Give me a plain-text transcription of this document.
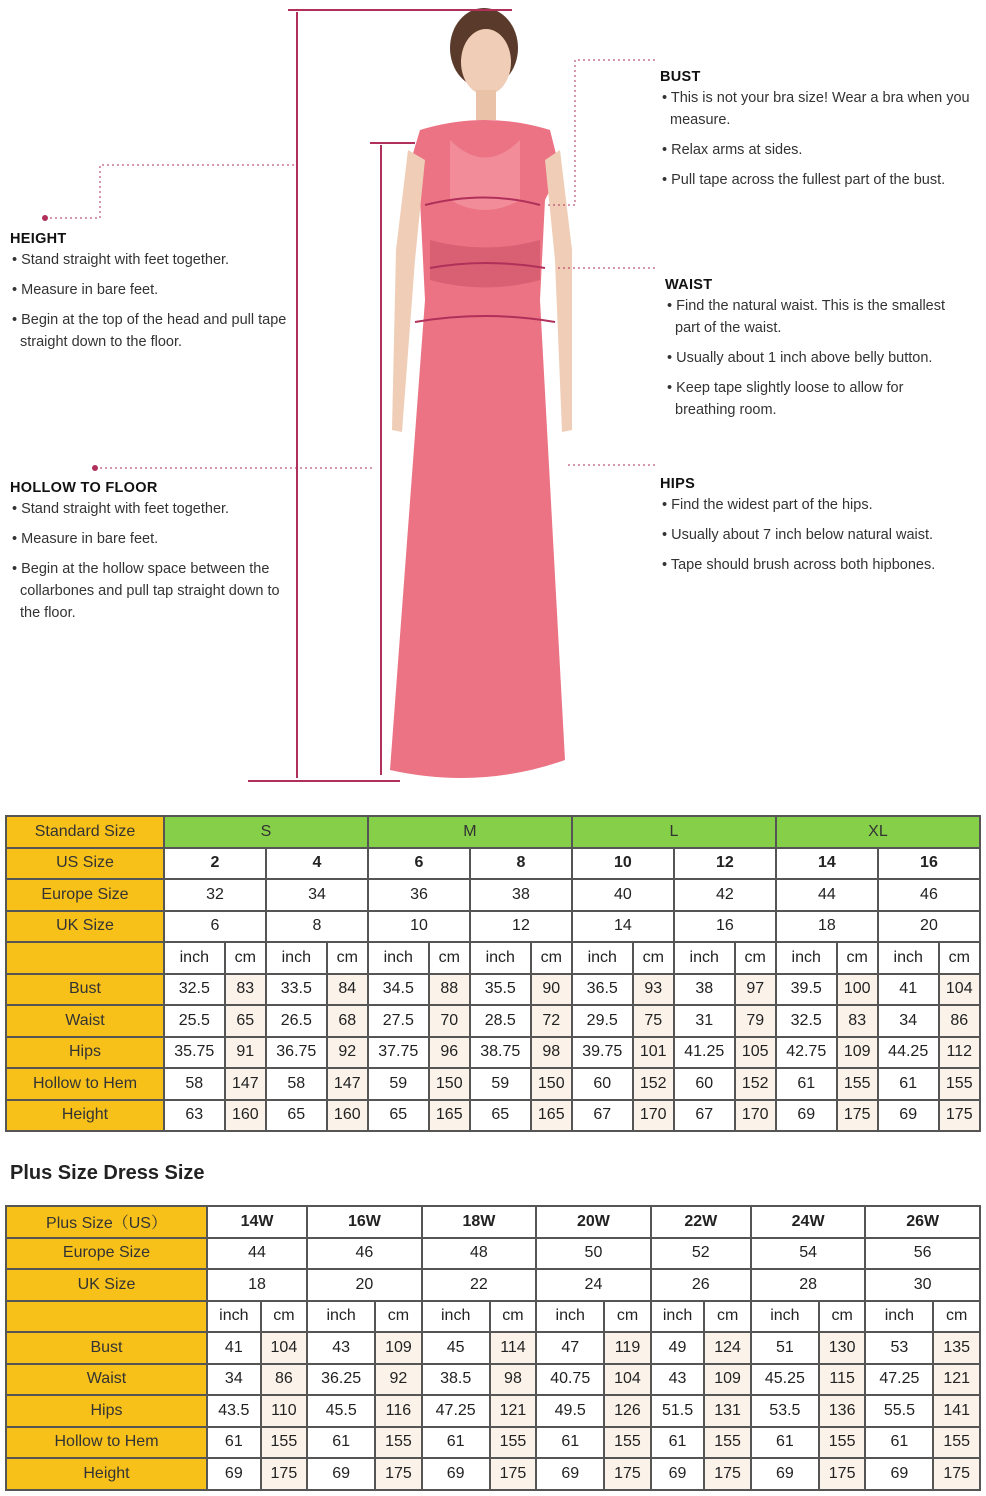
HEIGHT

• Stand straight with feet together.

• Measure in bare feet.

• Begin at the top of the head and pull tape straight down to the floor.

HOLLOW TO FLOOR

• Stand straight with feet together.

• Measure in bare feet.

• Begin at the hollow space between the collarbones and pull tap straight down to the floor.

BUST

• This is not your bra size! Wear a bra when you measure.

• Relax arms at sides.

• Pull tape across the fullest part of the bust.

WAIST

• Find the natural waist. This is the smallest part of the waist.

• Usually about 1 inch above belly button.

• Keep tape slightly loose to allow for breathing room.

HIPS

• Find the widest part of the hips.

• Usually about 7 inch below natural waist.

• Tape should brush across both hipbones.

Standard Size	S				M				L				XL			
US Size	2		4		6		8		10		12		14		16	
Europe Size	32		34		36		38		40		42		44		46	
UK Size	6		8		10		12		14		16		18		20	
	inch	cm	inch	cm	inch	cm	inch	cm	inch	cm	inch	cm	inch	cm	inch	cm
Bust	32.5	83	33.5	84	34.5	88	35.5	90	36.5	93	38	97	39.5	100	41	104
Waist	25.5	65	26.5	68	27.5	70	28.5	72	29.5	75	31	79	32.5	83	34	86
Hips	35.75	91	36.75	92	37.75	96	38.75	98	39.75	101	41.25	105	42.75	109	44.25	112
Hollow to Hem	58	147	58	147	59	150	59	150	60	152	60	152	61	155	61	155
Height	63	160	65	160	65	165	65	165	67	170	67	170	69	175	69	175
Plus Size Dress Size
Plus Size（US）	14W		16W		18W		20W		22W		24W		26W	
Europe Size	44		46		48		50		52		54		56	
UK Size	18		20		22		24		26		28		30	
	inch	cm	inch	cm	inch	cm	inch	cm	inch	cm	inch	cm	inch	cm
Bust	41	104	43	109	45	114	47	119	49	124	51	130	53	135
Waist	34	86	36.25	92	38.5	98	40.75	104	43	109	45.25	115	47.25	121
Hips	43.5	110	45.5	116	47.25	121	49.5	126	51.5	131	53.5	136	55.5	141
Hollow to Hem	61	155	61	155	61	155	61	155	61	155	61	155	61	155
Height	69	175	69	175	69	175	69	175	69	175	69	175	69	175
